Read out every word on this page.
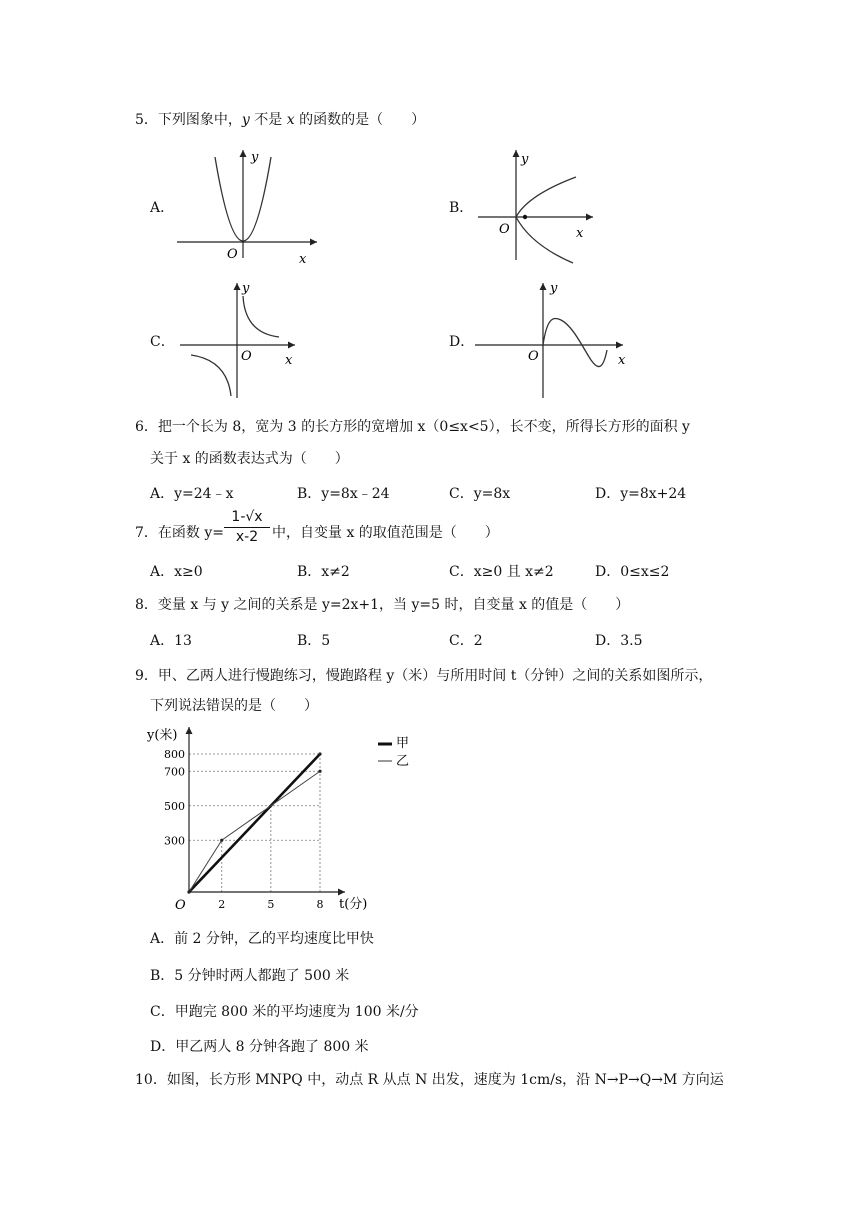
5．下列图象中，y 不是 x 的函数的是（　　）
A．	B．
C．	D．
y
x
O
y
x
O
y
x
O
y
x
O
6．把一个长为 8，宽为 3 的长方形的宽增加 x（0≤x<5），长不变，所得长方形的面积 y
关于 x 的函数表达式为（　　）
A．y=24﹣x	B．y=8x﹣24	C．y=8x	D．y=8x+24
7．在函数 $y= \frac{1-√x}{x-2}$ 中，自变量 x 的取值范围是（　　）
A．x≥0	B．x≠2	C．x≥0 且 x≠2	D．0≤x≤2
8．变量 x 与 y 之间的关系是 y=2x+1，当 y=5 时，自变量 x 的值是（　　）
A．13	B．5	C．2	D．3.5
9．甲、乙两人进行慢跑练习，慢跑路程 y（米）与所用时间 t（分钟）之间的关系如图所示，
下列说法错误的是（　　）
300
500
700
800
2	5	8
y(米)
t(分)
O
甲
乙
A．前 2 分钟，乙的平均速度比甲快
B．5 分钟时两人都跑了 500 米
C．甲跑完 800 米的平均速度为 100 米/分
D．甲乙两人 8 分钟各跑了 800 米
10．如图，长方形 MNPQ 中，动点 R 从点 N 出发，速度为 1cm/s，沿 N→P→Q→M 方向运
